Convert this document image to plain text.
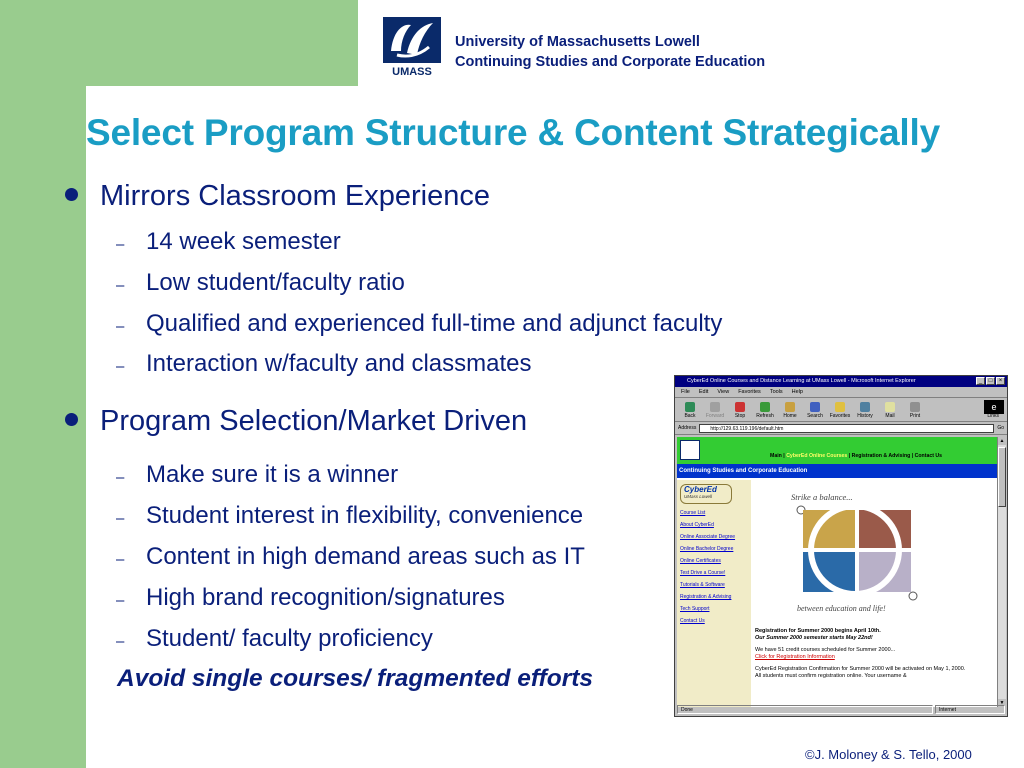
UMASS
University of Massachusetts Lowell
Continuing Studies and Corporate Education
Select Program Structure & Content Strategically
Mirrors Classroom Experience
– 14 week semester
– Low student/faculty ratio
– Qualified and experienced full-time and adjunct faculty
– Interaction w/faculty and classmates
Program Selection/Market Driven
– Make sure it is a winner
– Student interest in flexibility, convenience
– Content in high demand areas such as IT
– High brand recognition/signatures
– Student/ faculty proficiency
Avoid single courses/ fragmented efforts
©J. Moloney & S. Tello, 2000
CyberEd Online Courses and Distance Learning at UMass Lowell - Microsoft Internet Explorer	_	□	×
File Edit View Favorites Tools Help
Back Forward Stop Refresh Home Search Favorites History	Mail	Print
e
Links
Address	http://129.63.119.196/default.htm	Go
Main | CyberEd Online Courses | Registration & Advising | Contact Us
Continuing Studies and Corporate Education
CyberEd
UMass Lowell
Course List
About CyberEd
Online Associate Degree
Online Bachelor Degree
Online Certificates
Test Drive a Course!
Tutorials & Software
Registration & Advising
Tech Support
Contact Us
Strike a balance...
between education and life!
Registration for Summer 2000 begins April 10th.
Our Summer 2000 semester starts May 22nd!
We have 51 credit courses scheduled for Summer 2000...
Click for Registration Information
CyberEd Registration Confirmation for Summer 2000 will be activated on May 1, 2000. All students must confirm registration online. Your username &
▲
▼
Done	Internet
